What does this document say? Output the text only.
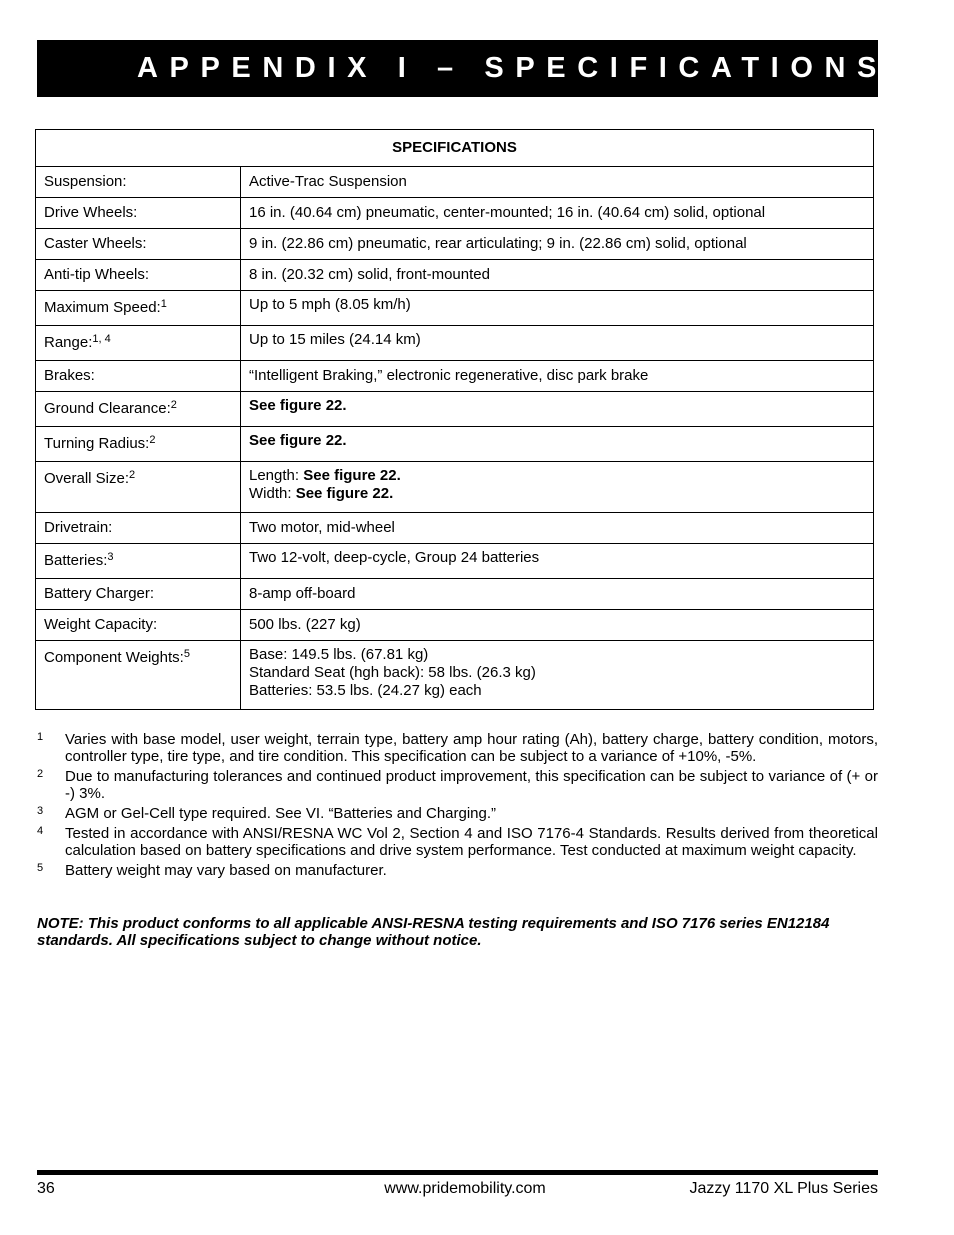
APPENDIX I – SPECIFICATIONS
SPECIFICATIONS	
Suspension:	Active-Trac Suspension

Drive Wheels:	16 in. (40.64 cm) pneumatic, center-mounted; 16 in. (40.64 cm) solid, optional

Caster Wheels:	9 in. (22.86 cm) pneumatic, rear articulating; 9 in. (22.86 cm) solid, optional

Anti-tip Wheels:	8 in. (20.32 cm) solid, front-mounted

Maximum Speed:$^1$	Up to 5 mph (8.05 km/h)

Range:$^{1, 4}$	Up to 15 miles (24.14 km)

Brakes:	“Intelligent Braking,” electronic regenerative, disc park brake

Ground Clearance:$^2$	See figure 22.
Turning Radius:$^2$	See figure 22.
Overall Size:$^2$	Length: See figure 22.
Width: See figure 22.

Drivetrain:	Two motor, mid-wheel

Batteries:$^3$	Two 12-volt, deep-cycle, Group 24 batteries

Battery Charger:	8-amp off-board

Weight Capacity:	500 lbs. (227 kg)

Component Weights:$^5$	Base: 149.5 lbs. (67.81 kg)
Standard Seat (hgh back): 58 lbs. (26.3 kg)
Batteries: 53.5 lbs. (24.27 kg) each
1	Varies with base model, user weight, terrain type, battery amp hour rating (Ah), battery charge, battery condition, motors, controller type, tire type, and tire condition. This specification can be subject to a variance of +10%, -5%.
2	Due to manufacturing tolerances and continued product improvement, this specification can be subject to variance of (+ or -) 3%.
3	AGM or Gel-Cell type required. See VI. “Batteries and Charging.”
4	Tested in accordance with ANSI/RESNA WC Vol 2, Section 4 and ISO 7176-4 Standards. Results derived from theoretical calculation based on battery specifications and drive system performance. Test conducted at maximum weight capacity.
5	Battery weight may vary based on manufacturer.
NOTE: This product conforms to all applicable ANSI-RESNA testing requirements and ISO 7176 series EN12184 standards. All specifications subject to change without notice.
36	www.pridemobility.com	Jazzy 1170 XL Plus Series
